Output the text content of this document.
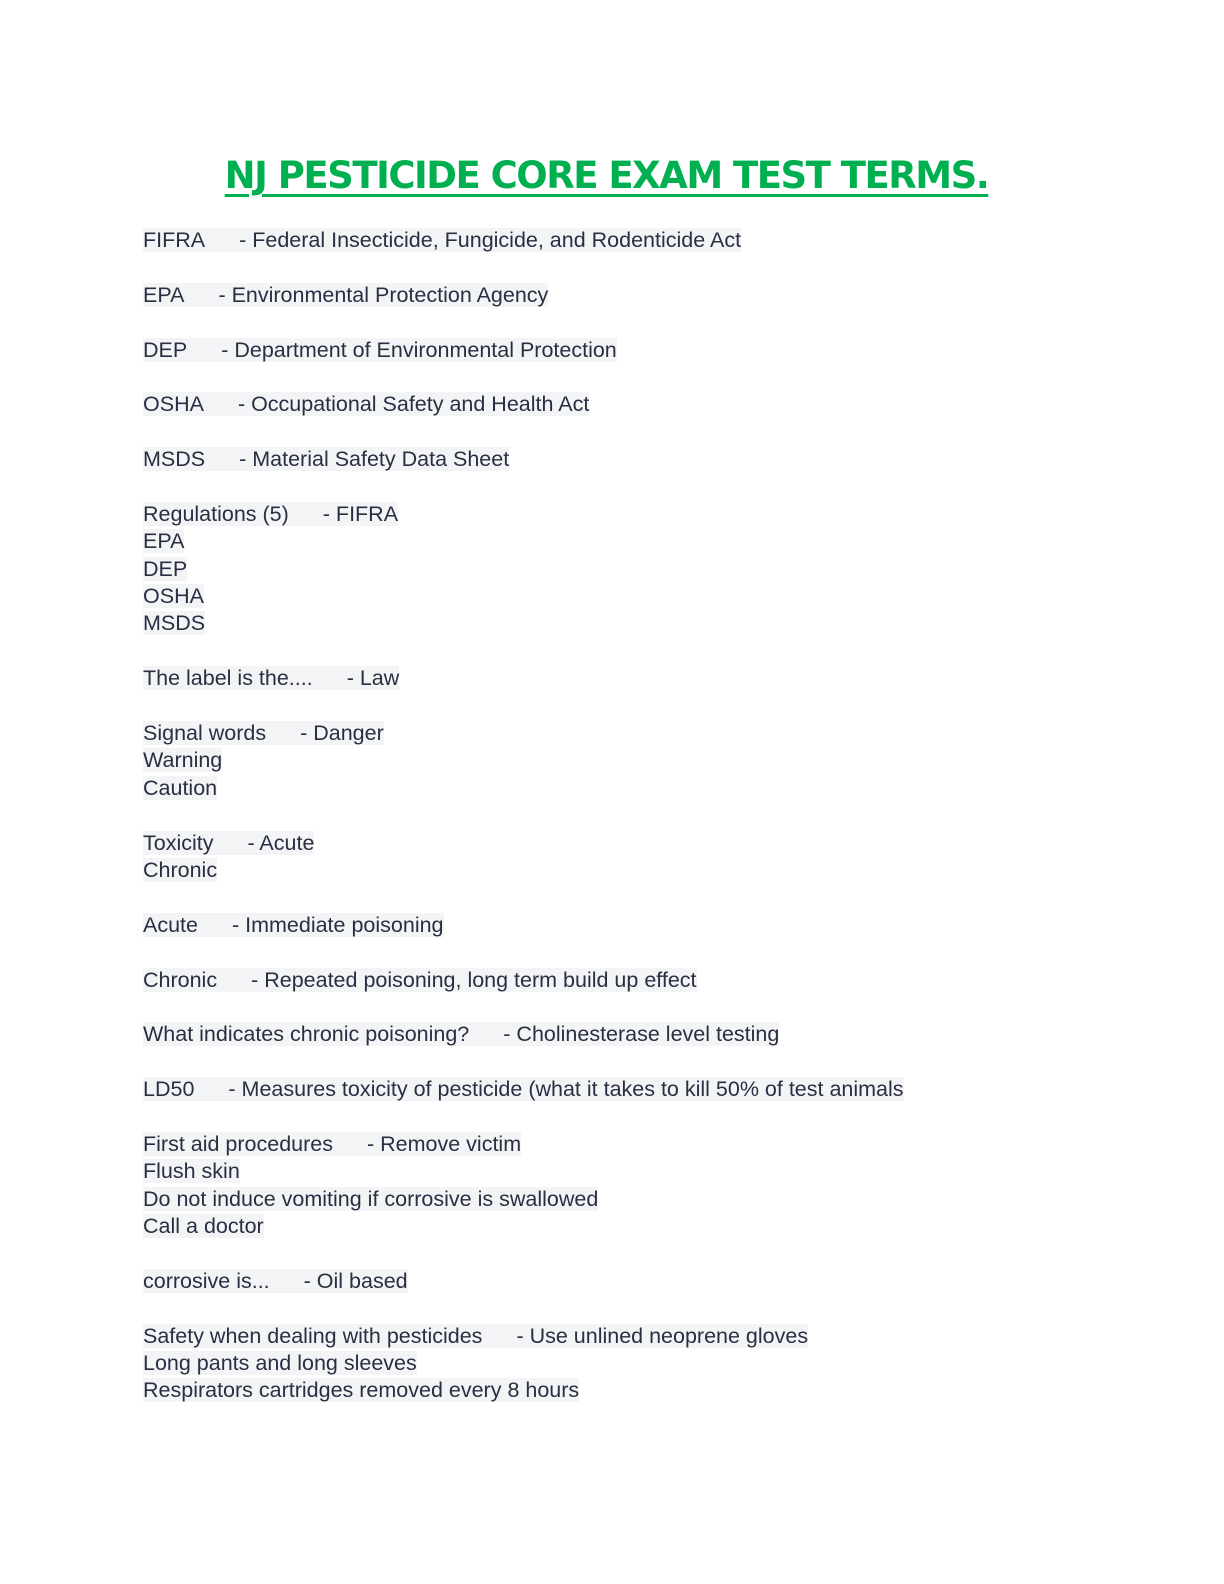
NJ PESTICIDE CORE EXAM TEST TERMS.
FIFRA - Federal Insecticide, Fungicide, and Rodenticide Act
EPA - Environmental Protection Agency
DEP - Department of Environmental Protection
OSHA - Occupational Safety and Health Act
MSDS - Material Safety Data Sheet
Regulations (5) - FIFRA
EPA
DEP
OSHA
MSDS
The label is the.... - Law
Signal words - Danger
Warning
Caution
Toxicity - Acute
Chronic
Acute - Immediate poisoning
Chronic - Repeated poisoning, long term build up effect
What indicates chronic poisoning? - Cholinesterase level testing
LD50 - Measures toxicity of pesticide (what it takes to kill 50% of test animals
First aid procedures - Remove victim
Flush skin
Do not induce vomiting if corrosive is swallowed
Call a doctor
corrosive is... - Oil based
Safety when dealing with pesticides - Use unlined neoprene gloves
Long pants and long sleeves
Respirators cartridges removed every 8 hours
